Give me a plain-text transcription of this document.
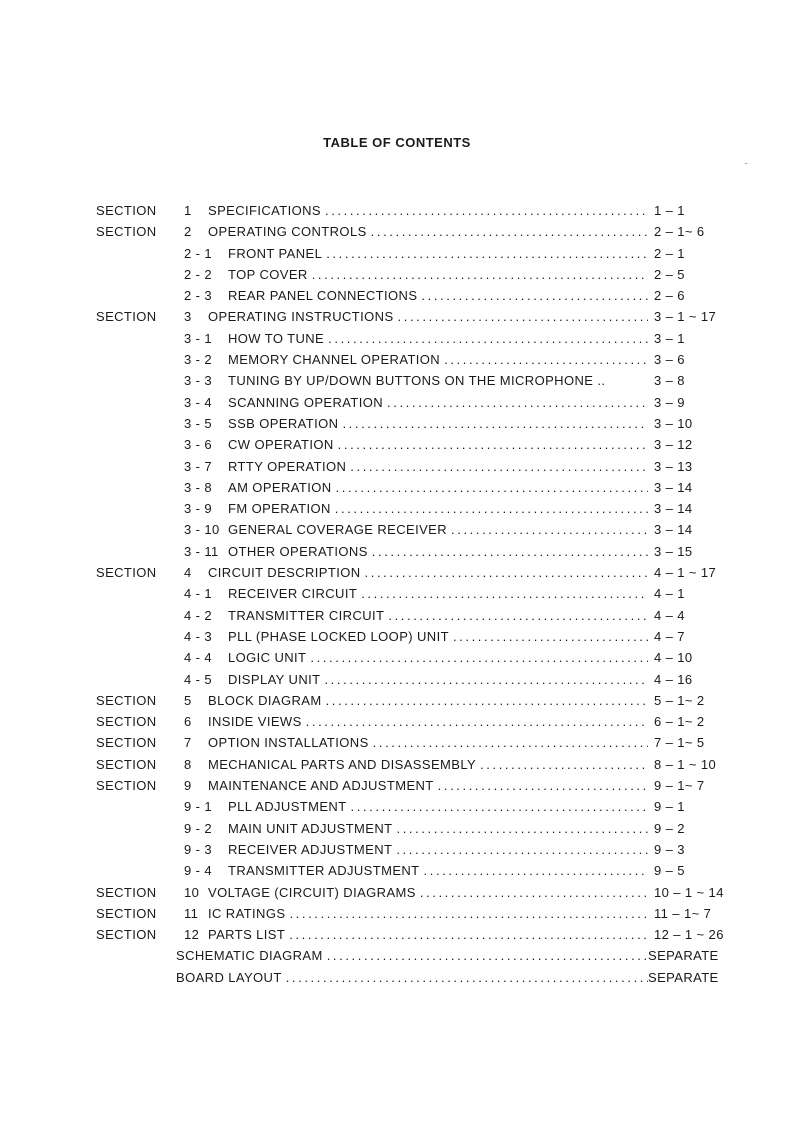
TABLE OF CONTENTS
SECTION	1	SPECIFICATIONS .....	1 – 1
SECTION	2	OPERATING CONTROLS .....	2 – 1~ 6
2 - 1	FRONT PANEL .....	2 – 1
2 - 2	TOP COVER .....	2 – 5
2 - 3	REAR PANEL CONNECTIONS .....	2 – 6
SECTION	3	OPERATING INSTRUCTIONS .....	3 – 1 ~ 17
3 - 1	HOW TO TUNE .....	3 – 1
3 - 2	MEMORY CHANNEL OPERATION .....	3 – 6
3 - 3	TUNING BY UP/DOWN BUTTONS ON THE MICROPHONE ..	3 – 8
3 - 4	SCANNING OPERATION .....	3 – 9
3 - 5	SSB OPERATION .....	3 – 10
3 - 6	CW OPERATION .....	3 – 12
3 - 7	RTTY OPERATION .....	3 – 13
3 - 8	AM OPERATION .....	3 – 14
3 - 9	FM OPERATION .....	3 – 14
3 - 10 GENERAL COVERAGE RECEIVER .....	3 – 14
3 - 11 OTHER OPERATIONS .....	3 – 15
SECTION	4	CIRCUIT DESCRIPTION .....	4 – 1 ~ 17
4 - 1	RECEIVER CIRCUIT .....	4 – 1
4 - 2	TRANSMITTER CIRCUIT .....	4 – 4
4 - 3	PLL (PHASE LOCKED LOOP) UNIT .....	4 – 7
4 - 4	LOGIC UNIT .....	4 – 10
4 - 5	DISPLAY UNIT .....	4 – 16
SECTION	5	BLOCK DIAGRAM .....	5 – 1~ 2
SECTION	6	INSIDE VIEWS .....	6 – 1~ 2
SECTION	7	OPTION INSTALLATIONS .....	7 – 1~ 5
SECTION	8	MECHANICAL PARTS AND DISASSEMBLY .....	8 – 1 ~ 10
SECTION	9	MAINTENANCE AND ADJUSTMENT .....	9 – 1~ 7
9 - 1	PLL ADJUSTMENT .....	9 – 1
9 - 2	MAIN UNIT ADJUSTMENT .....	9 – 2
9 - 3	RECEIVER ADJUSTMENT .....	9 – 3
9 - 4	TRANSMITTER ADJUSTMENT .....	9 – 5
SECTION	10 VOLTAGE (CIRCUIT) DIAGRAMS .....	10 – 1 ~ 14
SECTION	11 IC RATINGS .....	11 – 1~ 7
SECTION	12 PARTS LIST .....	12 – 1 ~ 26
SCHEMATIC DIAGRAM .....	SEPARATE
BOARD LAYOUT .....	SEPARATE
